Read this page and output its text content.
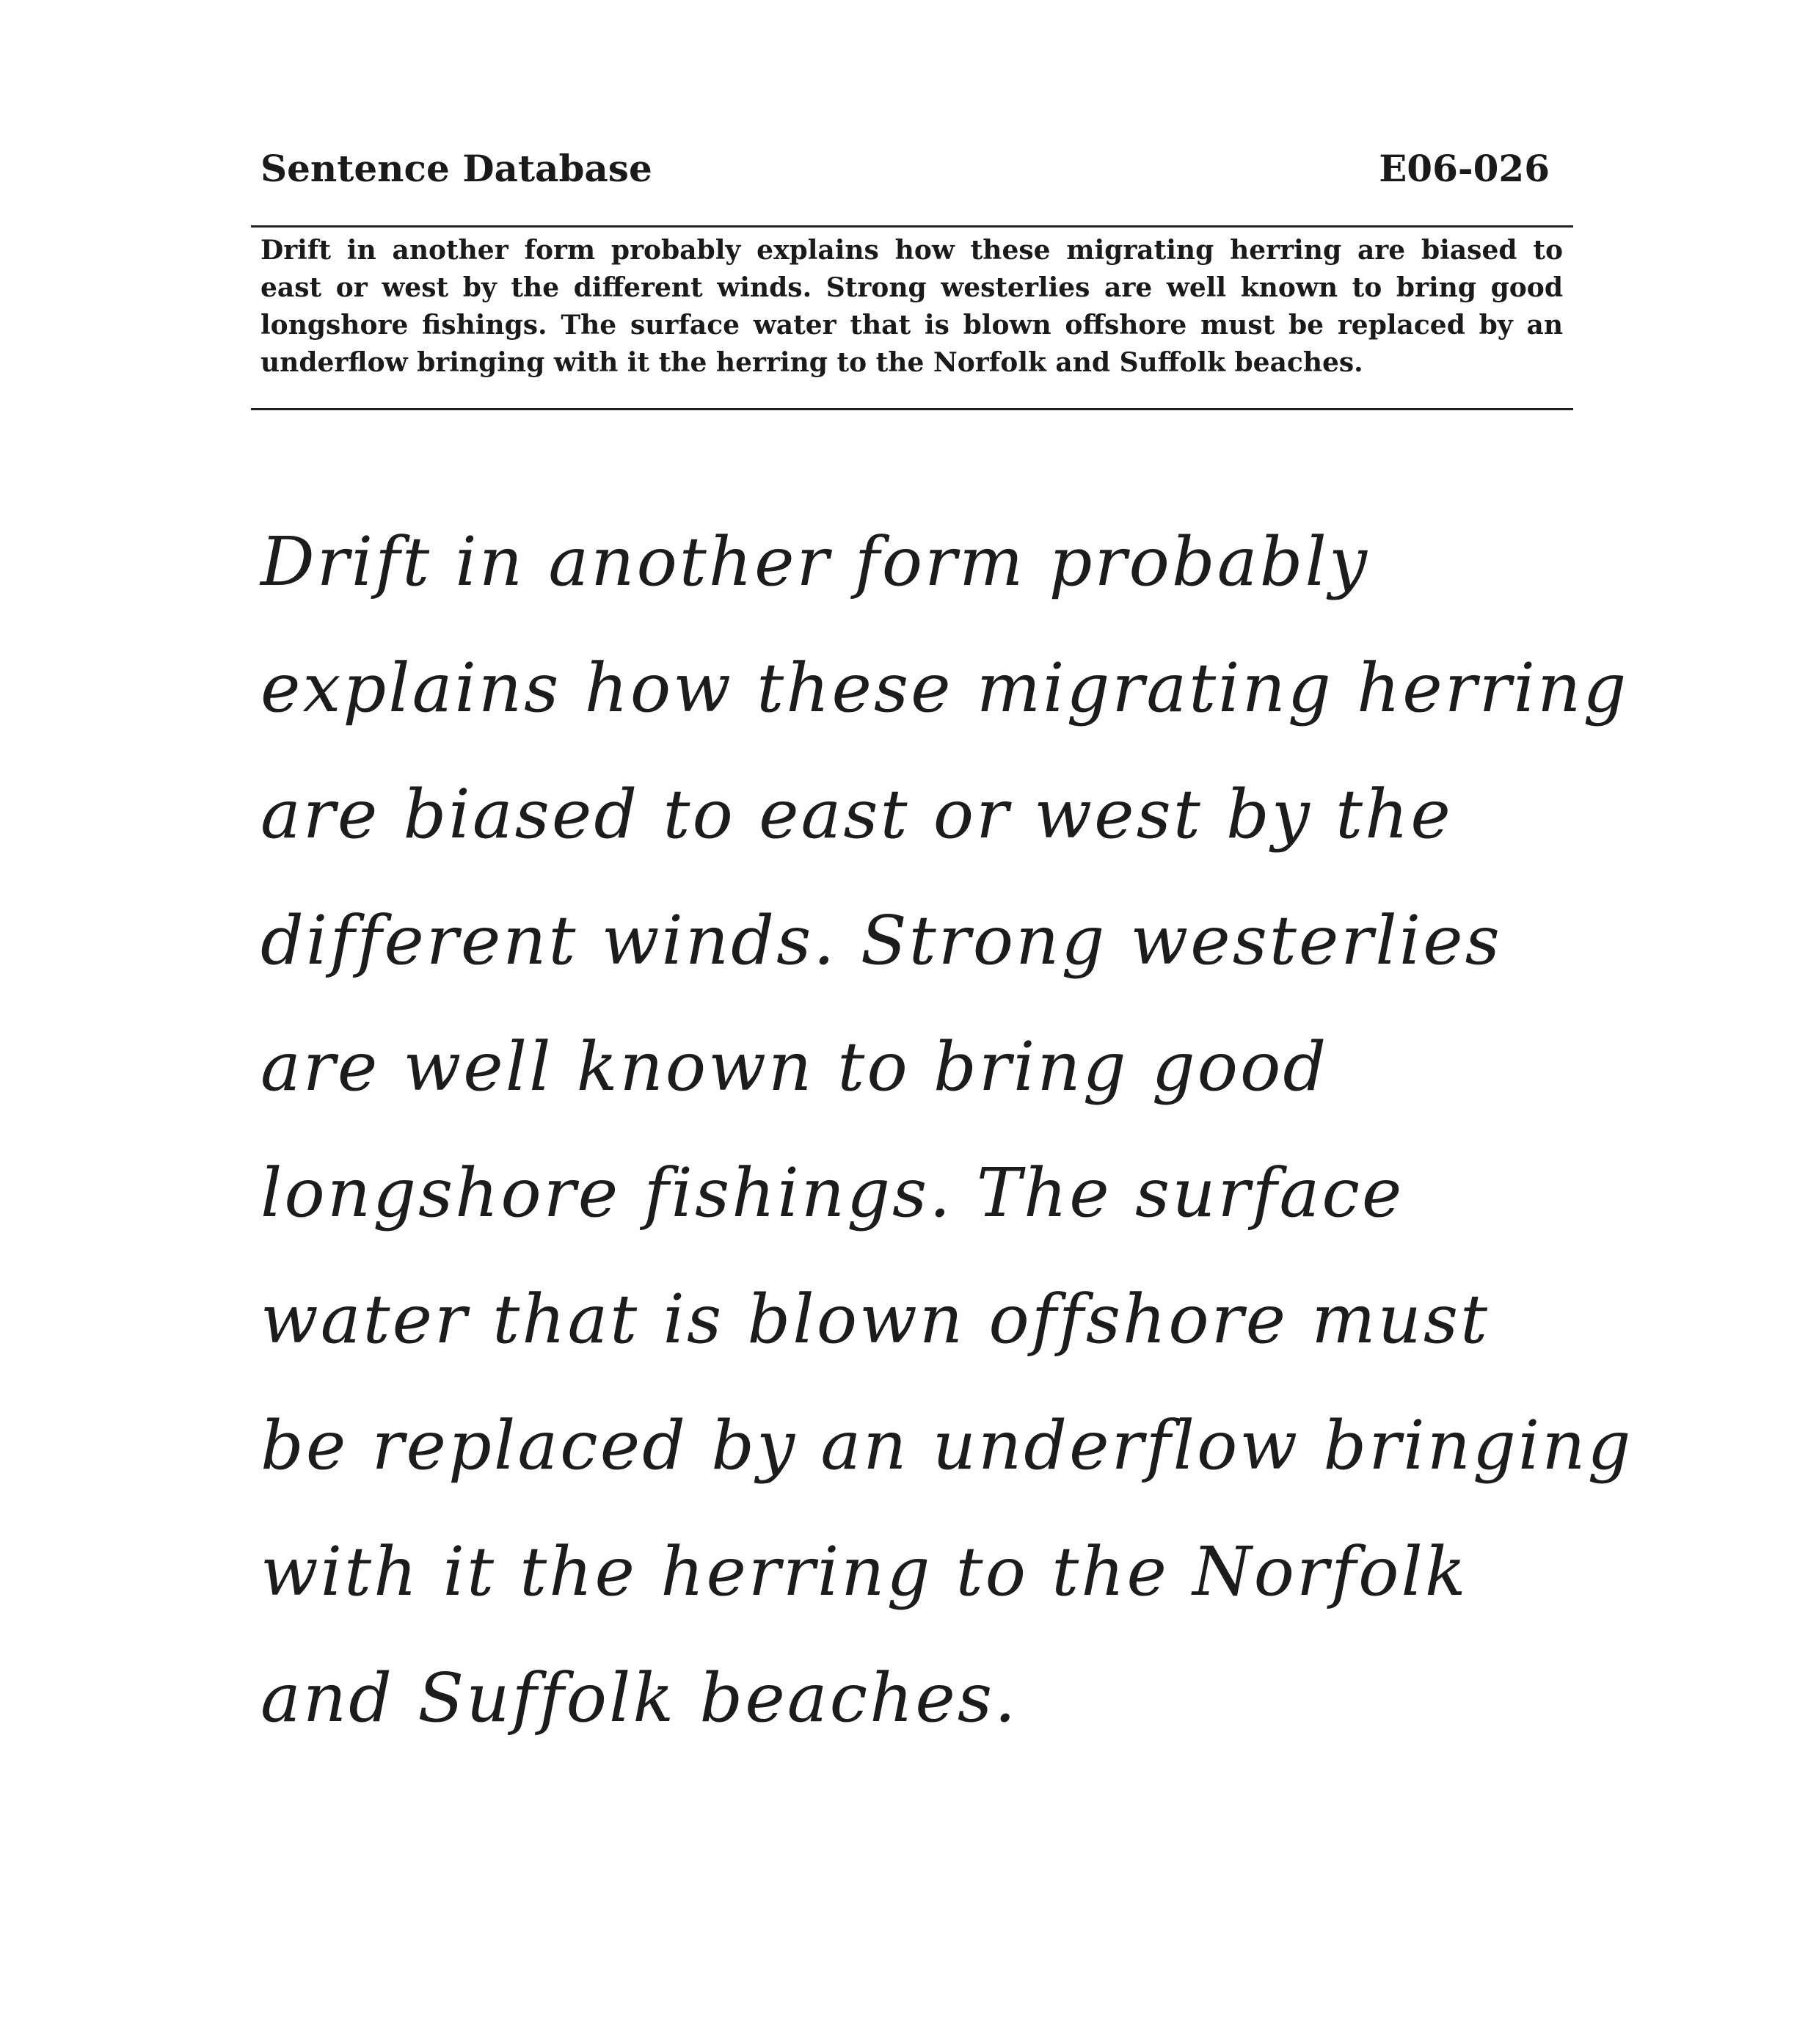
Sentence Database	E06-026
Drift in another form probably explains how these migrating herring are biased to
east or west by the different winds. Strong westerlies are well known to bring good
longshore fishings. The surface water that is blown offshore must be replaced by an
underflow bringing with it the herring to the Norfolk and Suffolk beaches.
Drift in another form probably
explains how these migrating herring
are biased to east or west by the
different winds. Strong westerlies
are well known to bring good
longshore fishings. The surface
water that is blown offshore must
be replaced by an underflow bringing
with it the herring to the Norfolk
and Suffolk beaches.
